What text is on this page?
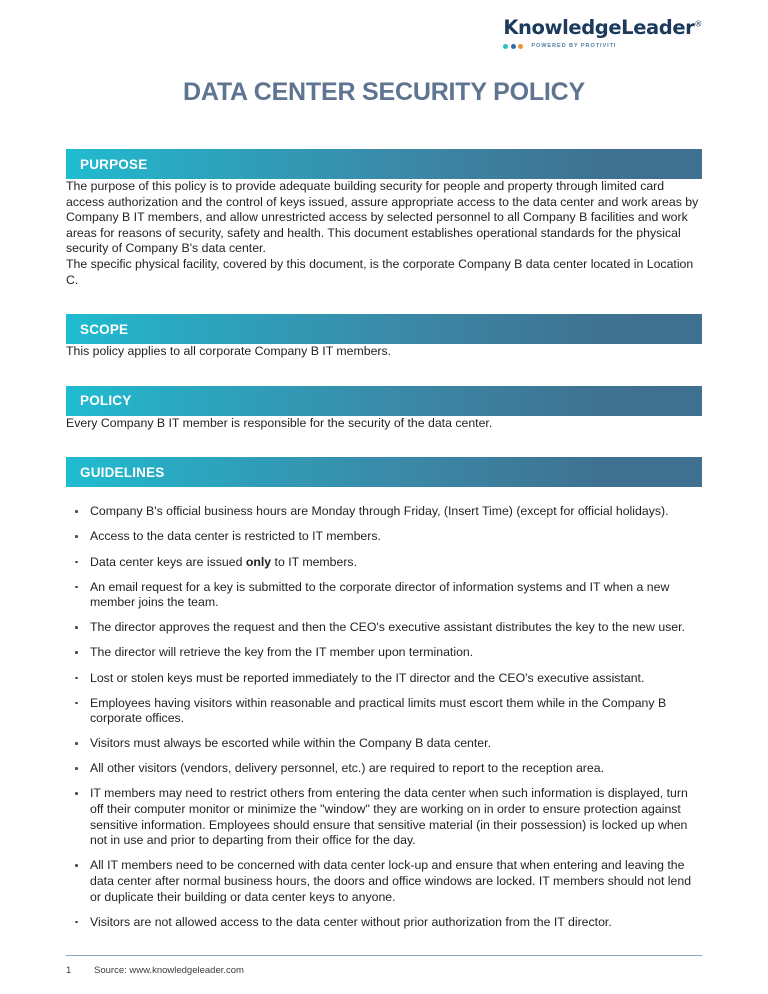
KnowledgeLeader®
POWERED BY PROTIVITI
DATA CENTER SECURITY POLICY
PURPOSE

The purpose of this policy is to provide adequate building security for people and property through limited card access authorization and the control of keys issued, assure appropriate access to the data center and work areas by Company B IT members, and allow unrestricted access by selected personnel to all Company B facilities and work areas for reasons of security, safety and health. This document establishes operational standards for the physical security of Company B's data center.

The specific physical facility, covered by this document, is the corporate Company B data center located in Location C.

SCOPE

This policy applies to all corporate Company B IT members.

POLICY

Every Company B IT member is responsible for the security of the data center.

GUIDELINES
Company B's official business hours are Monday through Friday, (Insert Time) (except for official holidays).
Access to the data center is restricted to IT members.
Data center keys are issued only to IT members.
An email request for a key is submitted to the corporate director of information systems and IT when a new member joins the team.
The director approves the request and then the CEO's executive assistant distributes the key to the new user.
The director will retrieve the key from the IT member upon termination.
Lost or stolen keys must be reported immediately to the IT director and the CEO's executive assistant.
Employees having visitors within reasonable and practical limits must escort them while in the Company B corporate offices.
Visitors must always be escorted while within the Company B data center.
All other visitors (vendors, delivery personnel, etc.) are required to report to the reception area.
IT members may need to restrict others from entering the data center when such information is displayed, turn off their computer monitor or minimize the "window" they are working on in order to ensure protection against sensitive information. Employees should ensure that sensitive material (in their possession) is locked up when not in use and prior to departing from their office for the day.
All IT members need to be concerned with data center lock-up and ensure that when entering and leaving the data center after normal business hours, the doors and office windows are locked. IT members should not lend or duplicate their building or data center keys to anyone.
Visitors are not allowed access to the data center without prior authorization from the IT director.
1	Source: www.knowledgeleader.com
